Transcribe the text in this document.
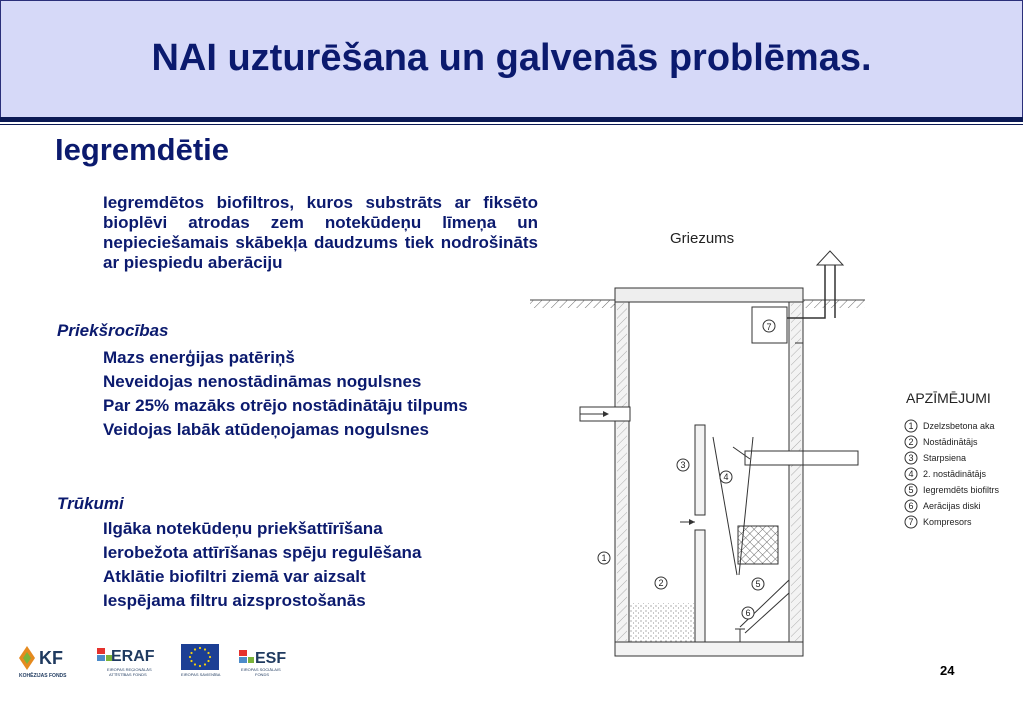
NAI uzturēšana un galvenās problēmas.
Iegremdētie
Iegremdētos biofiltros, kuros substrāts ar fiksēto bioplēvi atrodas zem notekūdeņu līmeņa un nepieciešamais skābekļa daudzums tiek nodrošināts ar piespiedu aberāciju
Priekšrocības
Mazs enerģijas patēriņš
Neveidojas nenostādināmas nogulsnes
Par 25% mazāks otrējo nostādinātāju tilpums
Veidojas labāk atūdeņojamas nogulsnes
Trūkumi
Ilgāka notekūdeņu priekšattīrīšana
Ierobežota attīrīšanas spēju regulēšana
Atklātie biofiltri ziemā var aizsalt
Iespējama filtru aizsprostošanās
Griezums
7
1
2
3
4
5
6
APZĪMĒJUMI
1 Dzelzsbetona aka
2 Nostādinātājs
3 Starpsiena
4 2. nostādinātājs
5 Iegremdēts biofiltrs
6 Aerācijas diski
7 Kompresors
KF
KOHĒZIJAS FONDS
ERAF
EIROPAS REĢIONĀLĀS
ATTĪSTĪBAS FONDS	EIROPAS SAVIENĪBA
ESF
EIROPAS SOCIĀLAIS
FONDS	24
